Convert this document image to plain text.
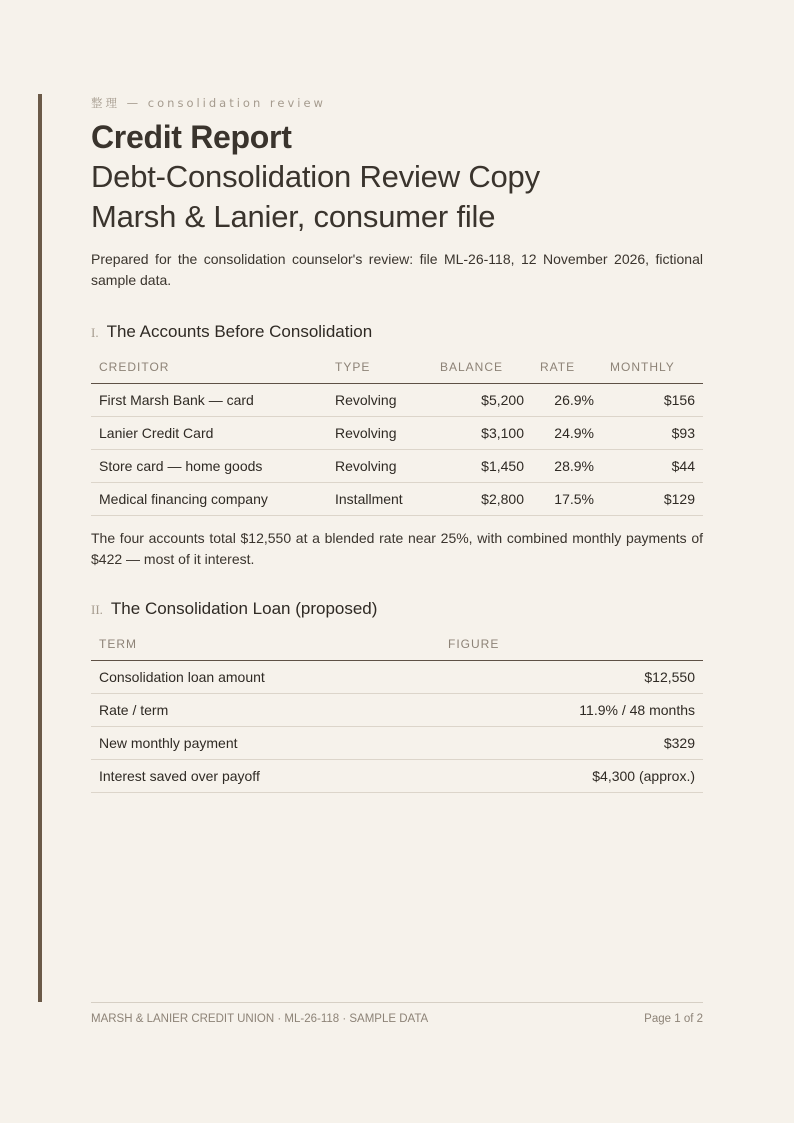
整理 — consolidation review
Credit Report
Debt-Consolidation Review Copy
Marsh & Lanier, consumer file
Prepared for the consolidation counselor's review: file ML-26-118, 12 November 2026, fictional sample data.
I. The Accounts Before Consolidation
CREDITOR	TYPE	BALANCE	RATE	MONTHLY
First Marsh Bank — card	Revolving	$5,200	26.9%	$156
Lanier Credit Card	Revolving	$3,100	24.9%	$93
Store card — home goods	Revolving	$1,450	28.9%	$44
Medical financing company	Installment	$2,800	17.5%	$129
The four accounts total $12,550 at a blended rate near 25%, with combined monthly payments of $422 — most of it interest.
II. The Consolidation Loan (proposed)
TERM	FIGURE
Consolidation loan amount	$12,550
Rate / term	11.9% / 48 months
New monthly payment	$329
Interest saved over payoff	$4,300 (approx.)
MARSH & LANIER CREDIT UNION · ML-26-118 · SAMPLE DATA	Page 1 of 2
